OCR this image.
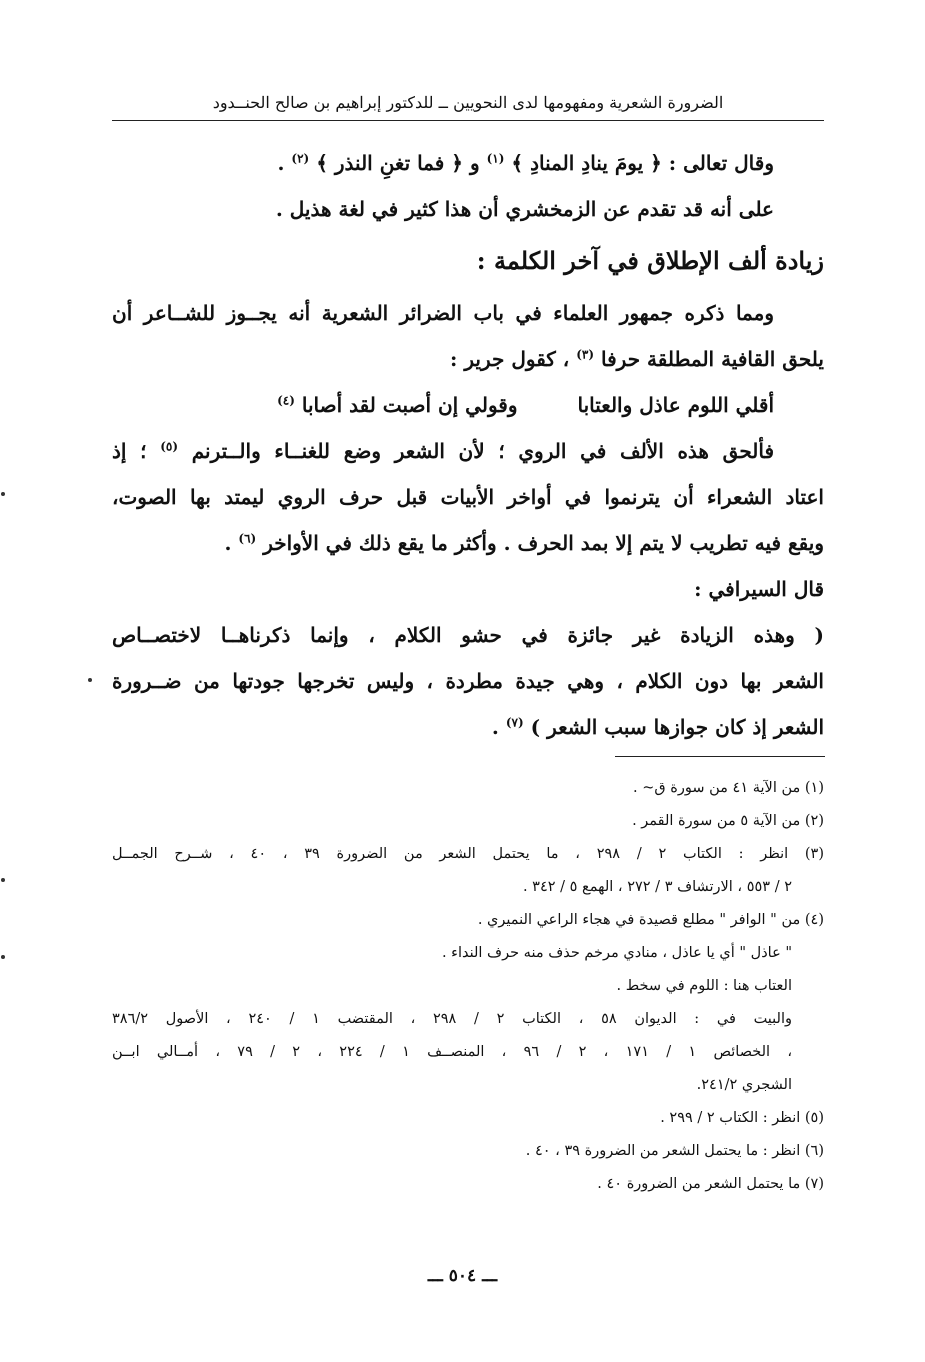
الضرورة الشعرية ومفهومها لدى النحويين ــ للدكتور إبراهيم بن صالح الحنــدود
وقال تعالى : ﴿ يومَ ينادِ المنادِ ﴾ $^{(١)}$ و ﴿ فما تغنِ النذر ﴾ $^{(٢)}$ .
على أنه قد تقدم عن الزمخشري أن هذا كثير في لغة هذيل .
زيادة ألف الإطلاق في آخر الكلمة :
ومما ذكره جمهور العلماء في باب الضرائر الشعرية أنه يجــوز للشــاعر أن
يلحق القافية المطلقة حرفا $^{(٣)}$ ، كقول جرير :
أقلي اللوم عاذل والعتابا
وقولي إن أصبت لقد أصابا $^{(٤)}$
فألحق هذه الألف في الروي ؛ لأن الشعر وضع للغنــاء والــترنم $^{(٥)}$ ؛ إذ
اعتاد الشعراء أن يترنموا في أواخر الأبيات قبل حرف الروي ليمتد بها الصوت،
ويقع فيه تطريب لا يتم إلا بمد الحرف . وأكثر ما يقع ذلك في الأواخر $^{(٦)}$ .
قال السيرافي :
( وهذه الزيادة غير جائزة في حشو الكلام ، وإنما ذكرناهــا لاختصــاص
الشعر بها دون الكلام ، وهي جيدة مطردة ، وليس تخرجها جودتها من ضــرورة
الشعر إذ كان جوازها سبب الشعر ) $^{(٧)}$ .
(١) من الآية ٤١ من سورة ق~ .
(٢) من الآية ٥ من سورة القمر .
(٣) انظر : الكتاب ٢ / ٢٩٨ ، ما يحتمل الشعر من الضرورة ٣٩ ، ٤٠ ، شــرح الجمــل
٢ / ٥٥٣ ، الارتشاف ٣ / ٢٧٢ ، الهمع ٥ / ٣٤٢ .
(٤) من " الوافر " مطلع قصيدة في هجاء الراعي النميري .
" عاذل " أي يا عاذل ، منادي مرخم حذف منه حرف النداء .
العتاب هنا : اللوم في سخط .
والبيت في : الديوان ٥٨ ، الكتاب ٢ / ٢٩٨ ، المقتضب ١ / ٢٤٠ ، الأصول ٣٨٦/٢
، الخصائص ١ / ١٧١ ، ٢ / ٩٦ ، المنصــف ١ / ٢٢٤ ، ٢ / ٧٩ ، أمــالي ابــن
الشجري ٢٤١/٢.
(٥) انظر : الكتاب ٢ / ٢٩٩ .
(٦) انظر : ما يحتمل الشعر من الضرورة ٣٩ ، ٤٠ .
(٧) ما يحتمل الشعر من الضرورة ٤٠ .
ـــ ٥٠٤ ـــ
